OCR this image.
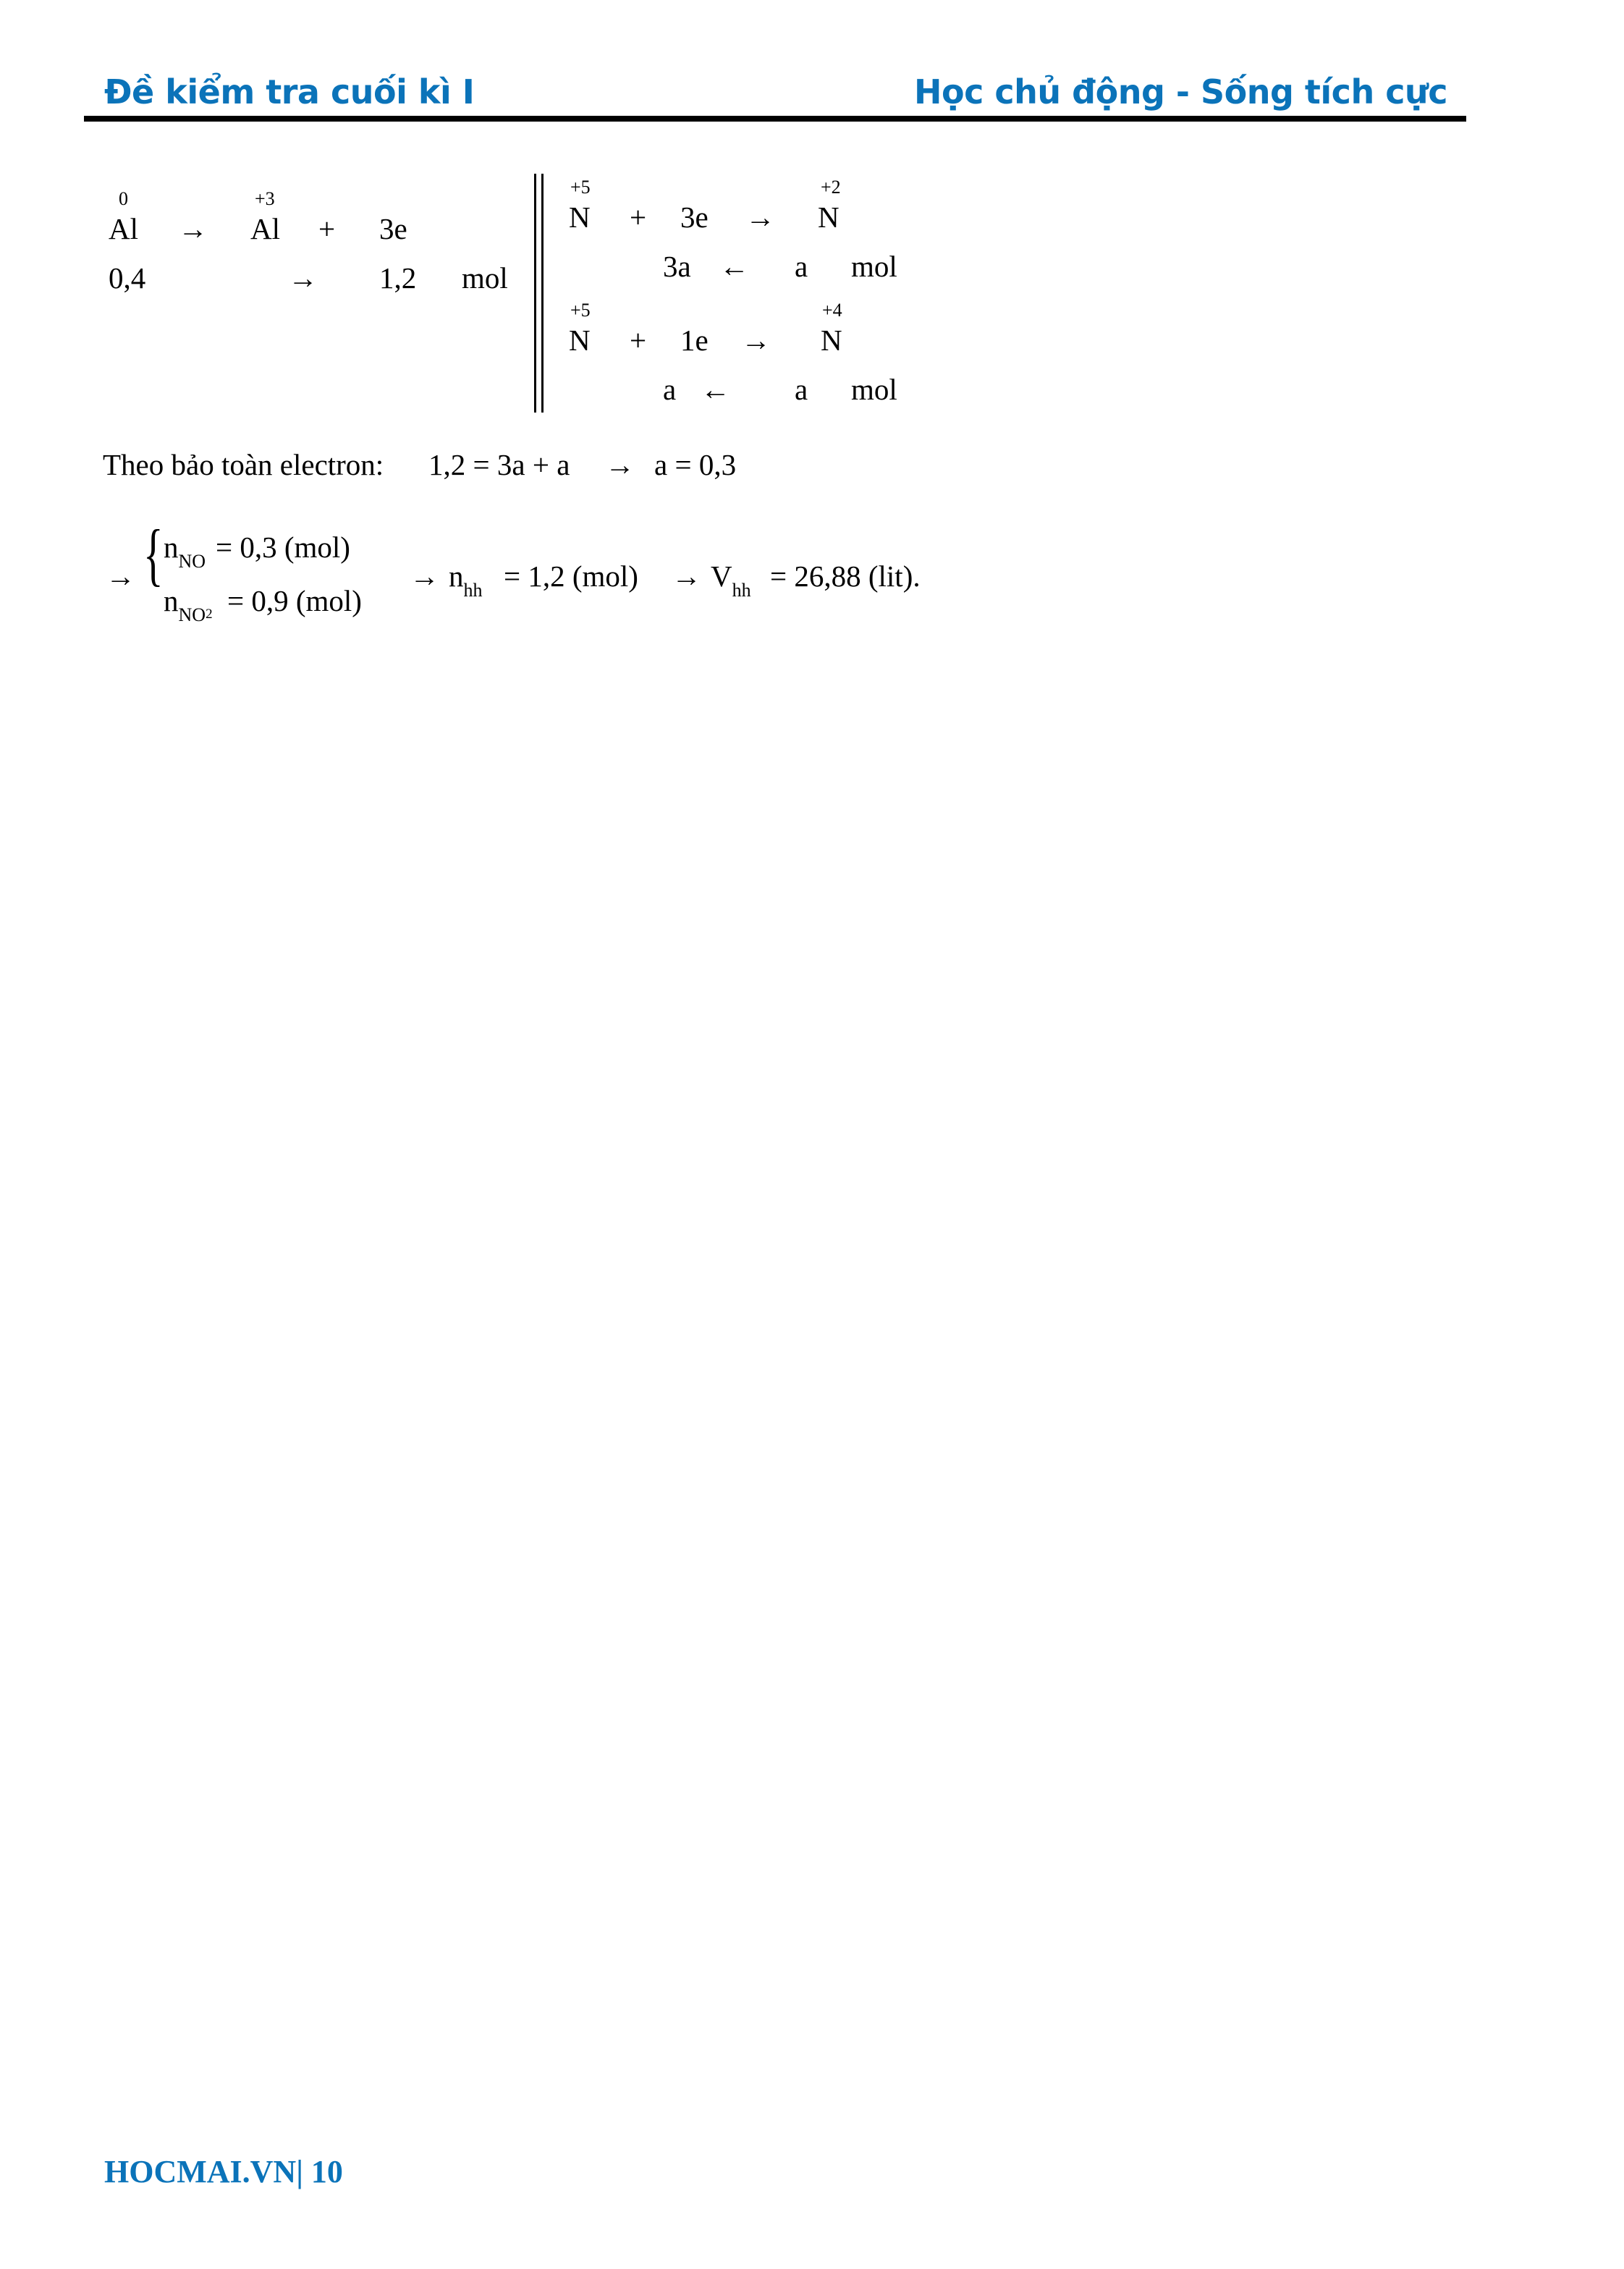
Đề kiểm tra cuối kì I	Học chủ động - Sống tích cực
0
Al →
+3
Al + 3e
0,4	→ 1,2 mol
+5
N + 3e →
+2
N
3a ← a mol
+5
N + 1e →
+4
N
a ← a mol
Theo bảo toàn electron: 1,2 = 3a + a → a = 0,3
→ { $n_{NO} = 0,3$ (mol)
$n_{NO2} = 0,9$ (mol)
→ $n_{hh} = 1,2$ $(mol) \to V_{hh} = 26,88$ (lit).
HOCMAI.VN| 10
